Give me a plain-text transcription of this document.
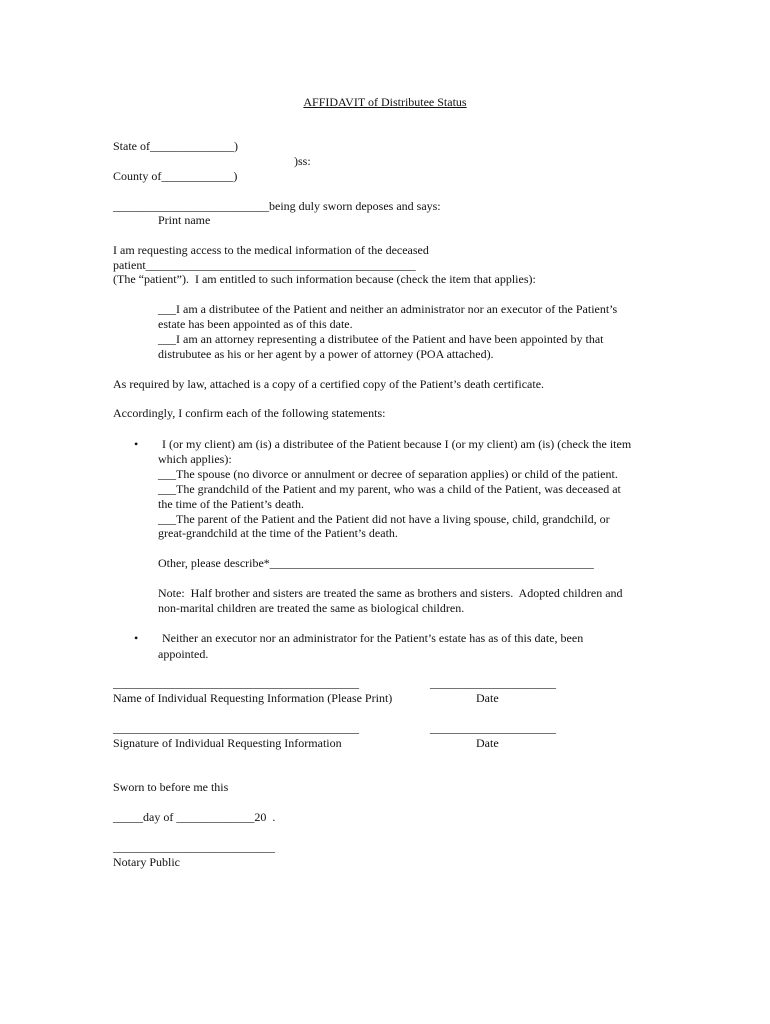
AFFIDAVIT of Distributee Status
State of______________)
)ss:
County of____________)
__________________________being duly sworn deposes and says:
Print name
I am requesting access to the medical information of the deceased
patient_____________________________________________
(The “patient”).  I am entitled to such information because (check the item that applies):
___I am a distributee of the Patient and neither an administrator nor an executor of the Patient’s
estate has been appointed as of this date.
___I am an attorney representing a distributee of the Patient and have been appointed by that
distrubutee as his or her agent by a power of attorney (POA attached).
As required by law, attached is a copy of a certified copy of the Patient’s death certificate.
Accordingly, I confirm each of the following statements:
• I (or my client) am (is) a distributee of the Patient because I (or my client) am (is) (check the item
which applies):
___The spouse (no divorce or annulment or decree of separation applies) or child of the patient.
___The grandchild of the Patient and my parent, who was a child of the Patient, was deceased at
the time of the Patient’s death.
___The parent of the Patient and the Patient did not have a living spouse, child, grandchild, or
great-grandchild at the time of the Patient’s death.
Other, please describe*______________________________________________________
Note:  Half brother and sisters are treated the same as brothers and sisters.  Adopted children and
non-marital children are treated the same as biological children.
• Neither an executor nor an administrator for the Patient’s estate has as of this date, been
appointed.
_________________________________________	_____________________
Name of Individual Requesting Information (Please Print)	Date
_________________________________________	_____________________
Signature of Individual Requesting Information	Date
Sworn to before me this
_____day of _____________20  .
___________________________
Notary Public
